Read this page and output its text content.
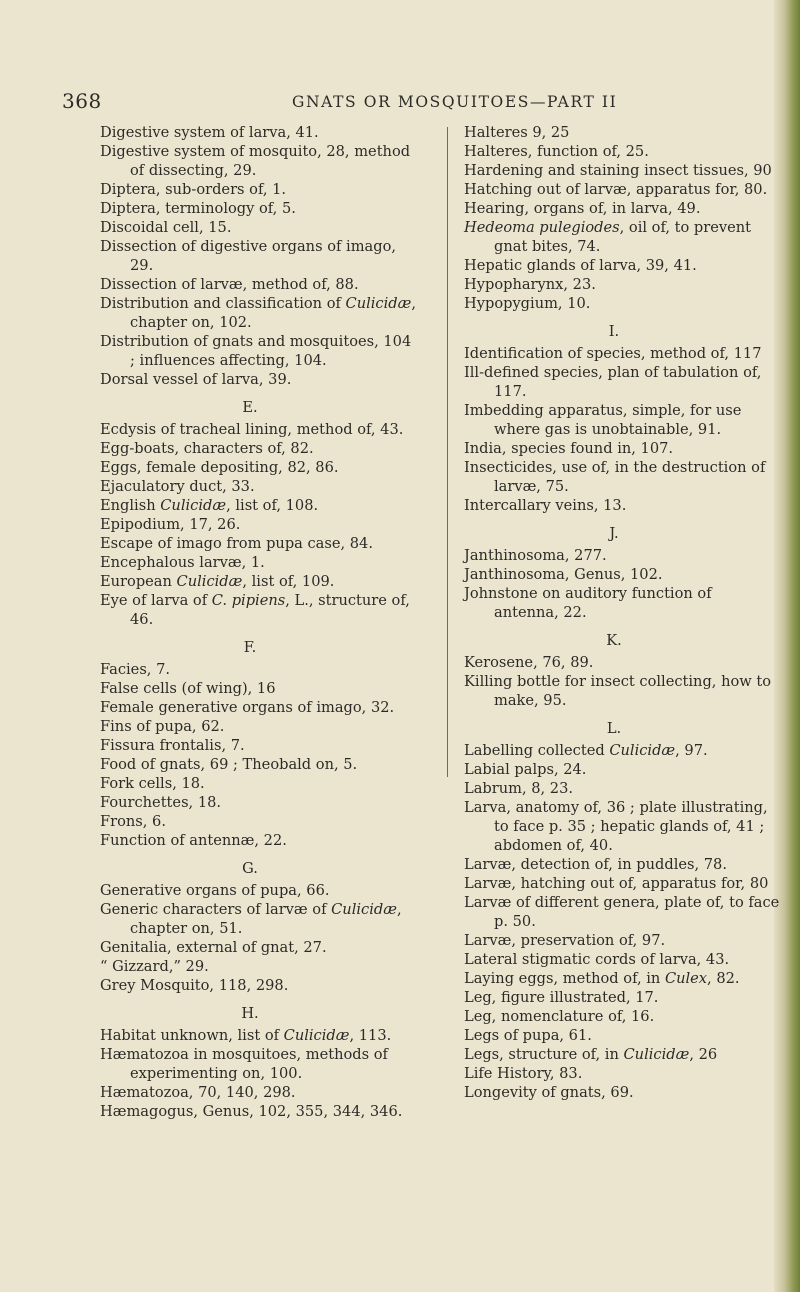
368	GNATS OR MOSQUITOES—PART II

Digestive system of larva, 41.

Digestive system of mosquito, 28, method of dissecting, 29.

Diptera, sub-orders of, 1.

Diptera, terminology of, 5.

Discoidal cell, 15.

Dissection of digestive organs of imago, 29.

Dissection of larvæ, method of, 88.

Distribution and classification of Culicidæ, chapter on, 102.

Distribution of gnats and mosquitoes, 104 ; influences affecting, 104.

Dorsal vessel of larva, 39.

E.

Ecdysis of tracheal lining, method of, 43.

Egg-boats, characters of, 82.

Eggs, female depositing, 82, 86.

Ejaculatory duct, 33.

English Culicidæ, list of, 108.

Epipodium, 17, 26.

Escape of imago from pupa case, 84.

Encephalous larvæ, 1.

European Culicidæ, list of, 109.

Eye of larva of C. pipiens, L., structure of, 46.

F.

Facies, 7.

False cells (of wing), 16

Female generative organs of imago, 32.

Fins of pupa, 62.

Fissura frontalis, 7.

Food of gnats, 69 ; Theobald on, 5.

Fork cells, 18.

Fourchettes, 18.

Frons, 6.

Function of antennæ, 22.

G.

Generative organs of pupa, 66.

Generic characters of larvæ of Culicidæ, chapter on, 51.

Genitalia, external of gnat, 27.

“ Gizzard,” 29.

Grey Mosquito, 118, 298.

H.

Habitat unknown, list of Culicidæ, 113.

Hæmatozoa in mosquitoes, methods of experimenting on, 100.

Hæmatozoa, 70, 140, 298.

Hæmagogus, Genus, 102, 355, 344, 346.

Halteres 9, 25

Halteres, function of, 25.

Hardening and staining insect tissues, 90

Hatching out of larvæ, apparatus for, 80.

Hearing, organs of, in larva, 49.

Hedeoma pulegiodes, oil of, to prevent gnat bites, 74.

Hepatic glands of larva, 39, 41.

Hypopharynx, 23.

Hypopygium, 10.

I.

Identification of species, method of, 117

Ill-defined species, plan of tabulation of, 117.

Imbedding apparatus, simple, for use where gas is unobtainable, 91.

India, species found in, 107.

Insecticides, use of, in the destruction of larvæ, 75.

Intercallary veins, 13.

J.

Janthinosoma, 277.

Janthinosoma, Genus, 102.

Johnstone on auditory function of antenna, 22.

K.

Kerosene, 76, 89.

Killing bottle for insect collecting, how to make, 95.

L.

Labelling collected Culicidæ, 97.

Labial palps, 24.

Labrum, 8, 23.

Larva, anatomy of, 36 ; plate illustrating, to face p. 35 ; hepatic glands of, 41 ; abdomen of, 40.

Larvæ, detection of, in puddles, 78.

Larvæ, hatching out of, apparatus for, 80

Larvæ of different genera, plate of, to face p. 50.

Larvæ, preservation of, 97.

Lateral stigmatic cords of larva, 43.

Laying eggs, method of, in Culex, 82.

Leg, figure illustrated, 17.

Leg, nomenclature of, 16.

Legs of pupa, 61.

Legs, structure of, in Culicidæ, 26

Life History, 83.

Longevity of gnats, 69.
